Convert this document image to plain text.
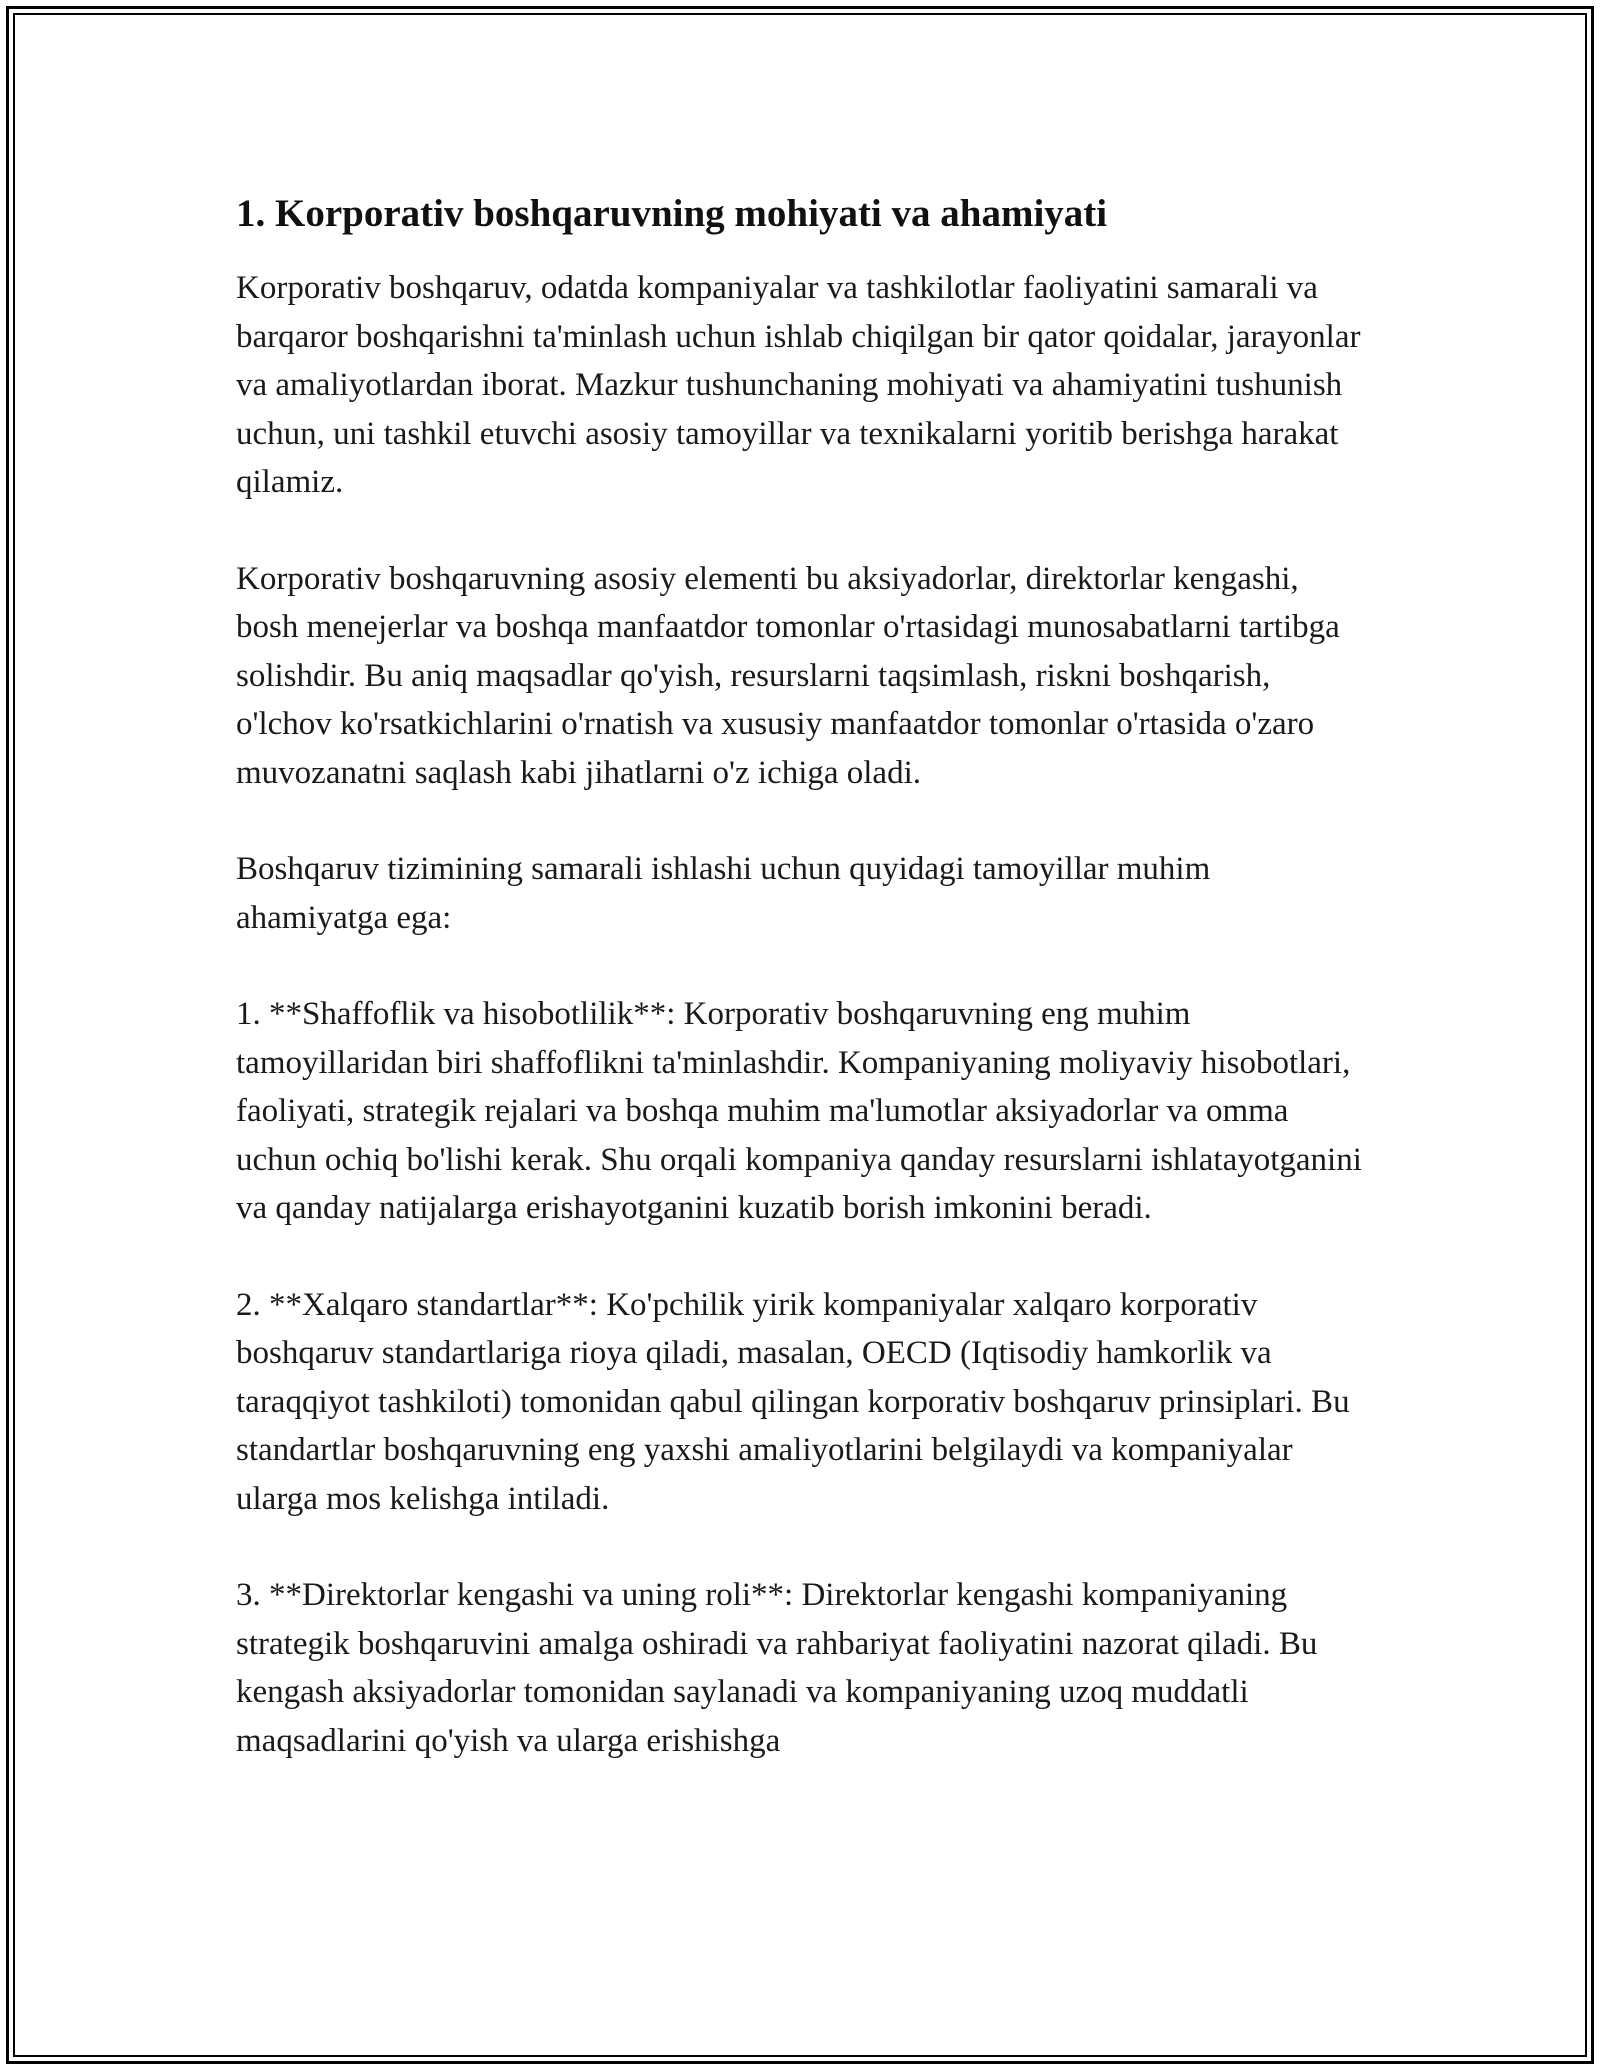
1. Korporativ boshqaruvning mohiyati va ahamiyati

Korporativ boshqaruv, odatda kompaniyalar va tashkilotlar faoliyatini samarali va barqaror boshqarishni ta'minlash uchun ishlab chiqilgan bir qator qoidalar, jarayonlar va amaliyotlardan iborat. Mazkur tushunchaning mohiyati va ahamiyatini tushunish uchun, uni tashkil etuvchi asosiy tamoyillar va texnikalarni yoritib berishga harakat qilamiz.

Korporativ boshqaruvning asosiy elementi bu aksiyadorlar, direktorlar kengashi, bosh menejerlar va boshqa manfaatdor tomonlar o'rtasidagi munosabatlarni tartibga solishdir. Bu aniq maqsadlar qo'yish, resurslarni taqsimlash, riskni boshqarish, o'lchov ko'rsatkichlarini o'rnatish va xususiy manfaatdor tomonlar o'rtasida o'zaro muvozanatni saqlash kabi jihatlarni o'z ichiga oladi.

Boshqaruv tizimining samarali ishlashi uchun quyidagi tamoyillar muhim ahamiyatga ega:

1. **Shaffoflik va hisobotlilik**: Korporativ boshqaruvning eng muhim tamoyillaridan biri shaffoflikni ta'minlashdir. Kompaniyaning moliyaviy hisobotlari, faoliyati, strategik rejalari va boshqa muhim ma'lumotlar aksiyadorlar va omma uchun ochiq bo'lishi kerak. Shu orqali kompaniya qanday resurslarni ishlatayotganini va qanday natijalarga erishayotganini kuzatib borish imkonini beradi.

2. **Xalqaro standartlar**: Ko'pchilik yirik kompaniyalar xalqaro korporativ boshqaruv standartlariga rioya qiladi, masalan, OECD (Iqtisodiy hamkorlik va taraqqiyot tashkiloti) tomonidan qabul qilingan korporativ boshqaruv prinsiplari. Bu standartlar boshqaruvning eng yaxshi amaliyotlarini belgilaydi va kompaniyalar ularga mos kelishga intiladi.

3. **Direktorlar kengashi va uning roli**: Direktorlar kengashi kompaniyaning strategik boshqaruvini amalga oshiradi va rahbariyat faoliyatini nazorat qiladi. Bu kengash aksiyadorlar tomonidan saylanadi va kompaniyaning uzoq muddatli maqsadlarini qo'yish va ularga erishishga
